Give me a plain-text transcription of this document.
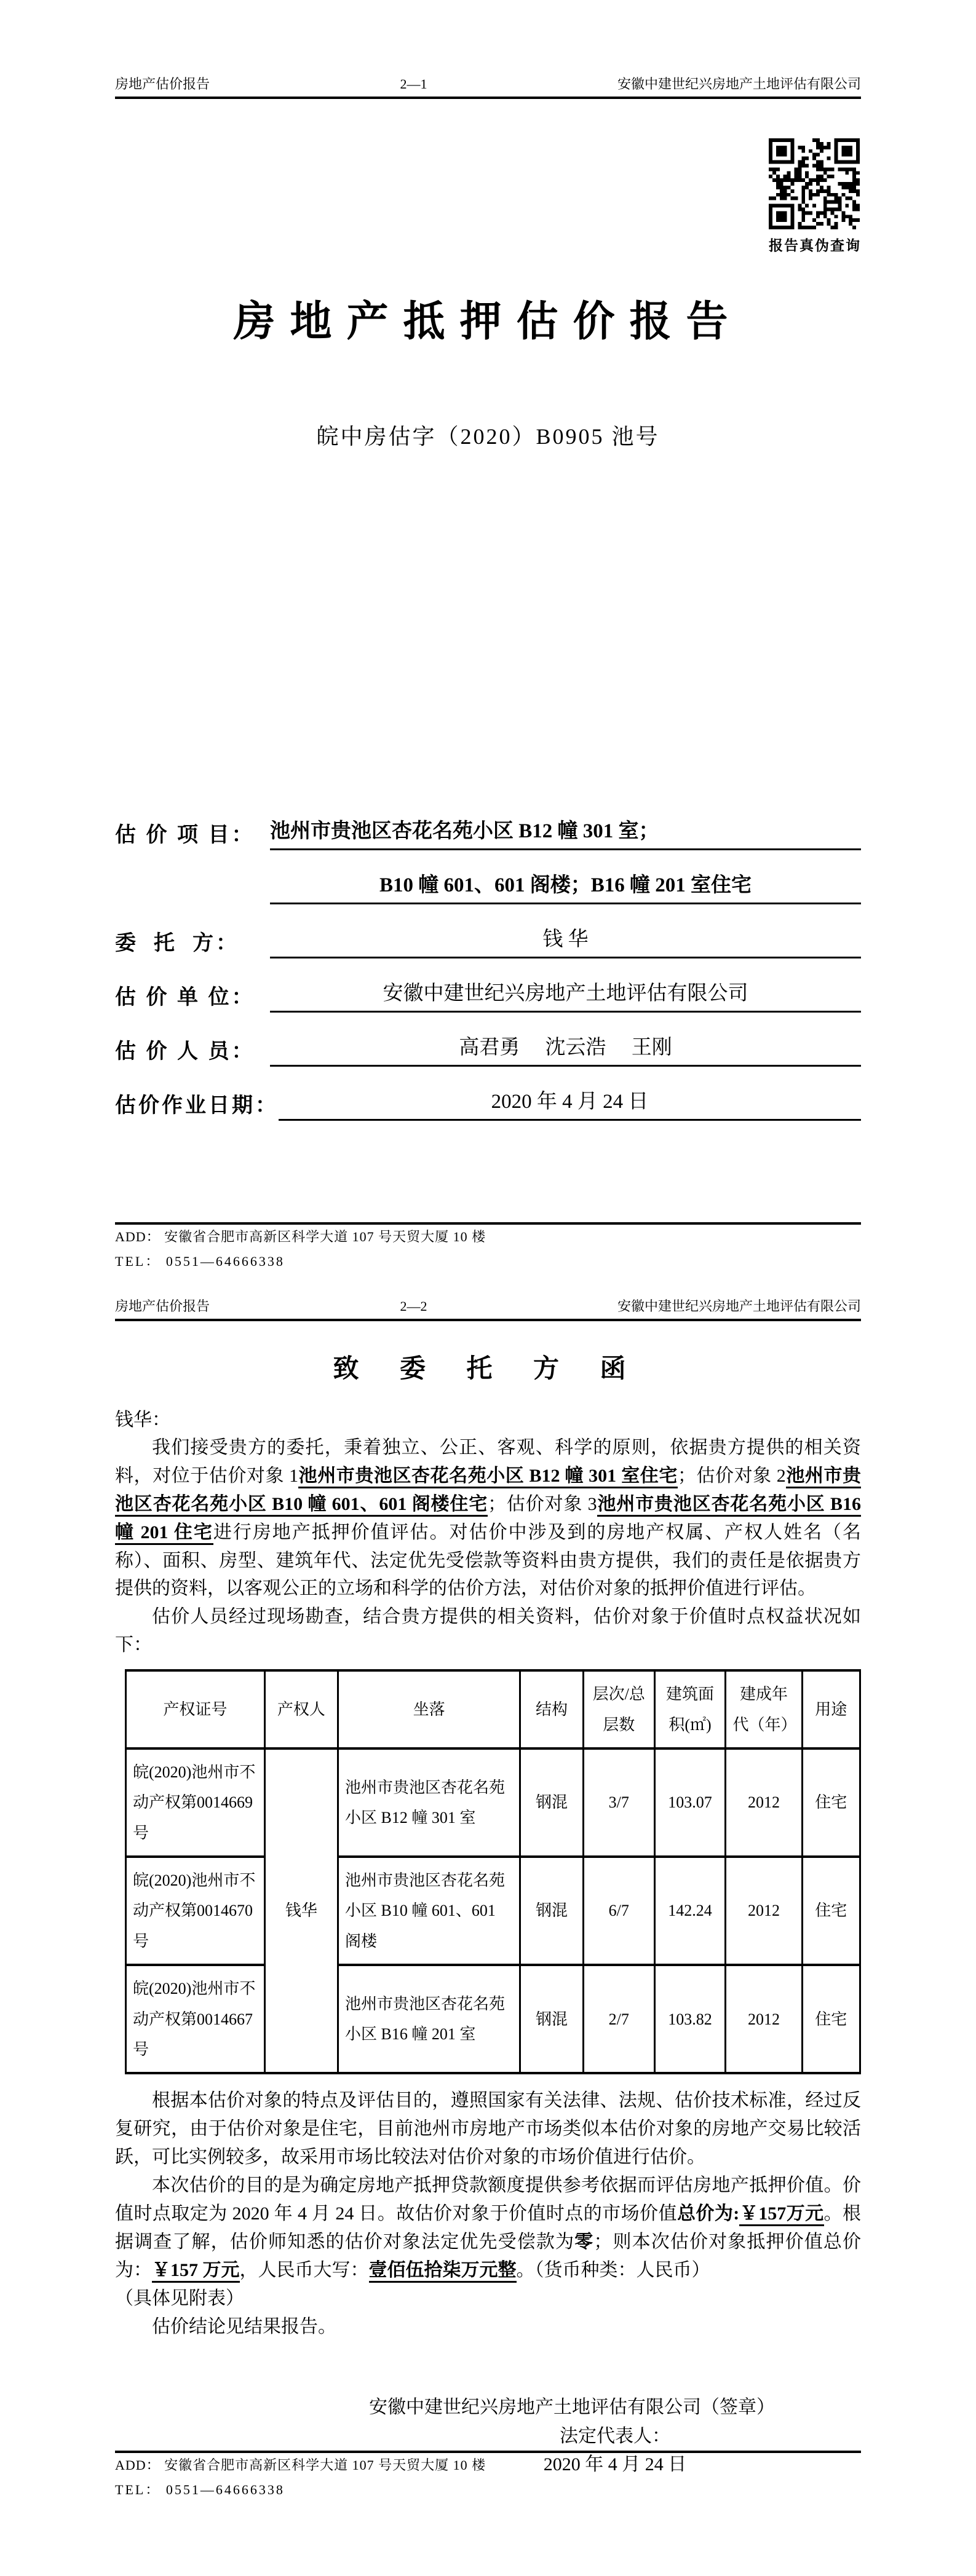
房地产估价报告	2—1	安徽中建世纪兴房地产土地评估有限公司
报告真伪查询
房地产抵押估价报告
皖中房估字（2020）B0905 池号
估 价 项 目： 池州市贵池区杏花名苑小区 B12 幢 301 室；
B10 幢 601、601 阁楼；B16 幢 201 室住宅
委  托  方：	钱 华
估 价 单 位：	安徽中建世纪兴房地产土地评估有限公司
估 价 人 员：	高君勇　 沈云浩　 王刚
估价作业日期：	2020 年 4 月 24 日
ADD： 安徽省合肥市高新区科学大道 107 号天贸大厦 10 楼
TEL： 0551—64666338
房地产估价报告	2—2	安徽中建世纪兴房地产土地评估有限公司
致 委 托 方 函
钱华：

我们接受贵方的委托，秉着独立、公正、客观、科学的原则，依据贵方提供的相关资料，对位于估价对象 1池州市贵池区杏花名苑小区 B12 幢 301 室住宅；估价对象 2池州市贵池区杏花名苑小区 B10 幢 601、601 阁楼住宅；估价对象 3池州市贵池区杏花名苑小区 B16 幢 201 住宅进行房地产抵押价值评估。对估价中涉及到的房地产权属、产权人姓名（名称）、面积、房型、建筑年代、法定优先受偿款等资料由贵方提供，我们的责任是依据贵方提供的资料，以客观公正的立场和科学的估价方法，对估价对象的抵押价值进行评估。

估价人员经过现场勘查，结合贵方提供的相关资料，估价对象于价值时点权益状况如下：

产权证号	产权人	坐落	结构	层次/总层数	建筑面积(㎡)	建成年代（年）	用途
皖(2020)池州市不动产权第0014669 号	钱华	池州市贵池区杏花名苑小区 B12 幢 301 室	钢混	3/7	103.07	2012	住宅
皖(2020)池州市不动产权第0014670 号		池州市贵池区杏花名苑小区 B10 幢 601、601 阁楼	钢混	6/7	142.24	2012	住宅
皖(2020)池州市不动产权第0014667 号		池州市贵池区杏花名苑小区 B16 幢 201 室	钢混	2/7	103.82	2012	住宅

根据本估价对象的特点及评估目的，遵照国家有关法律、法规、估价技术标准，经过反复研究，由于估价对象是住宅，目前池州市房地产市场类似本估价对象的房地产交易比较活跃，可比实例较多，故采用市场比较法对估价对象的市场价值进行估价。

本次估价的目的是为确定房地产抵押贷款额度提供参考依据而评估房地产抵押价值。价值时点取定为 2020 年 4 月 24 日。故估价对象于价值时点的市场价值总价为:￥157万元。根据调查了解，估价师知悉的估价对象法定优先受偿款为零；则本次估价对象抵押价值总价为：￥157 万元，人民币大写：壹佰伍拾柒万元整。（货币种类：人民币）

（具体见附表）

估价结论见结果报告。

安徽中建世纪兴房地产土地评估有限公司（签章）
法定代表人：
2020 年 4 月 24 日
ADD： 安徽省合肥市高新区科学大道 107 号天贸大厦 10 楼
TEL： 0551—64666338
